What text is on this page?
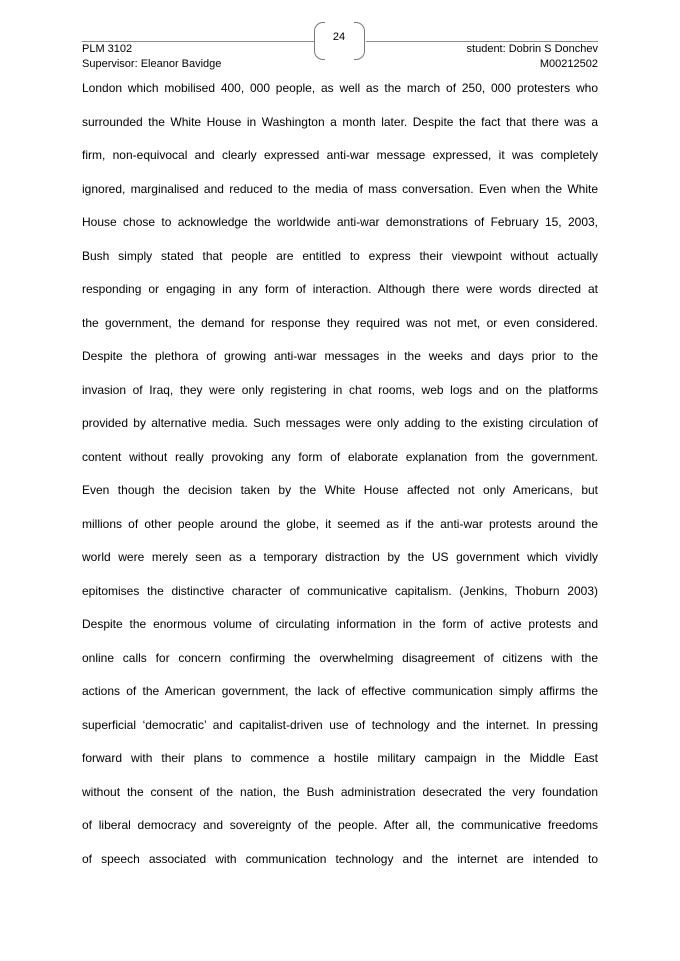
24
PLM 3102	student: Dobrin S Donchev
Supervisor: Eleanor Bavidge	M00212502
London which mobilised 400, 000 people, as well as the march of 250, 000 protesters who
surrounded the White House in Washington a month later. Despite the fact that there was a
firm, non-equivocal and clearly expressed anti-war message expressed, it was completely
ignored, marginalised and reduced to the media of mass conversation. Even when the White
House chose to acknowledge the worldwide anti-war demonstrations of February 15, 2003,
Bush simply stated that people are entitled to express their viewpoint without actually
responding or engaging in any form of interaction. Although there were words directed at
the government, the demand for response they required was not met, or even considered.
Despite the plethora of growing anti-war messages in the weeks and days prior to the
invasion of Iraq, they were only registering in chat rooms, web logs and on the platforms
provided by alternative media. Such messages were only adding to the existing circulation of
content without really provoking any form of elaborate explanation from the government.
Even though the decision taken by the White House affected not only Americans, but
millions of other people around the globe, it seemed as if the anti-war protests around the
world were merely seen as a temporary distraction by the US government which vividly
epitomises the distinctive character of communicative capitalism. (Jenkins, Thoburn 2003)
Despite the enormous volume of circulating information in the form of active protests and
online calls for concern confirming the overwhelming disagreement of citizens with the
actions of the American government, the lack of effective communication simply affirms the
superficial ‘democratic’ and capitalist-driven use of technology and the internet. In pressing
forward with their plans to commence a hostile military campaign in the Middle East
without the consent of the nation, the Bush administration desecrated the very foundation
of liberal democracy and sovereignty of the people. After all, the communicative freedoms
of speech associated with communication technology and the internet are intended to
